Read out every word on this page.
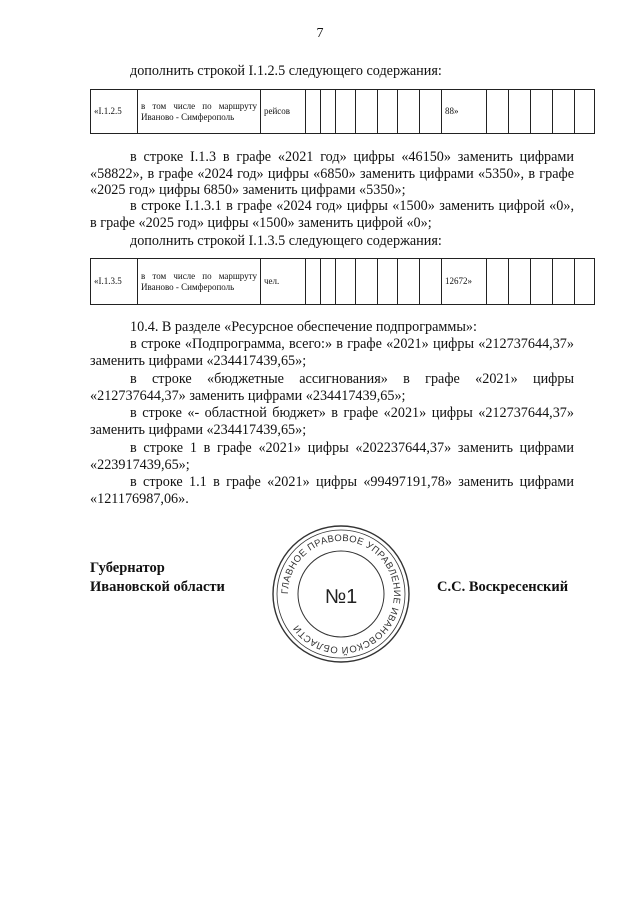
7
дополнить строкой I.1.2.5 следующего содержания:
«I.1.2.5	в том числе по маршруту Иваново - Симферополь	рейсов								88»					
в строке I.1.3 в графе «2021 год» цифры «46150» заменить цифрами «58822», в графе «2024 год» цифры «6850» заменить цифрами «5350», в графе «2025 год» цифры 6850» заменить цифрами «5350»;
в строке I.1.3.1 в графе «2024 год» цифры «1500» заменить цифрой «0», в графе «2025 год» цифры «1500» заменить цифрой «0»;
дополнить строкой I.1.3.5 следующего содержания:
«I.1.3.5	в том числе по маршруту Иваново - Симферополь	чел.								12672»					
10.4. В разделе «Ресурсное обеспечение подпрограммы»:
в строке «Подпрограмма, всего:» в графе «2021» цифры «212737644,37» заменить цифрами «234417439,65»;
в строке «бюджетные ассигнования» в графе «2021» цифры «212737644,37» заменить цифрами «234417439,65»;
в строке «- областной бюджет» в графе «2021» цифры «212737644,37» заменить цифрами «234417439,65»;
в строке 1 в графе «2021» цифры «202237644,37» заменить цифрами «223917439,65»;
в строке 1.1 в графе «2021» цифры «99497191,78» заменить цифрами «121176987,06».
Губернатор
Ивановской области	С.С. Воскресенский
ГЛАВНОЕ ПРАВОВОЕ УПРАВЛЕНИЕ ИВАНОВСКОЙ ОБЛАСТИ
№1
